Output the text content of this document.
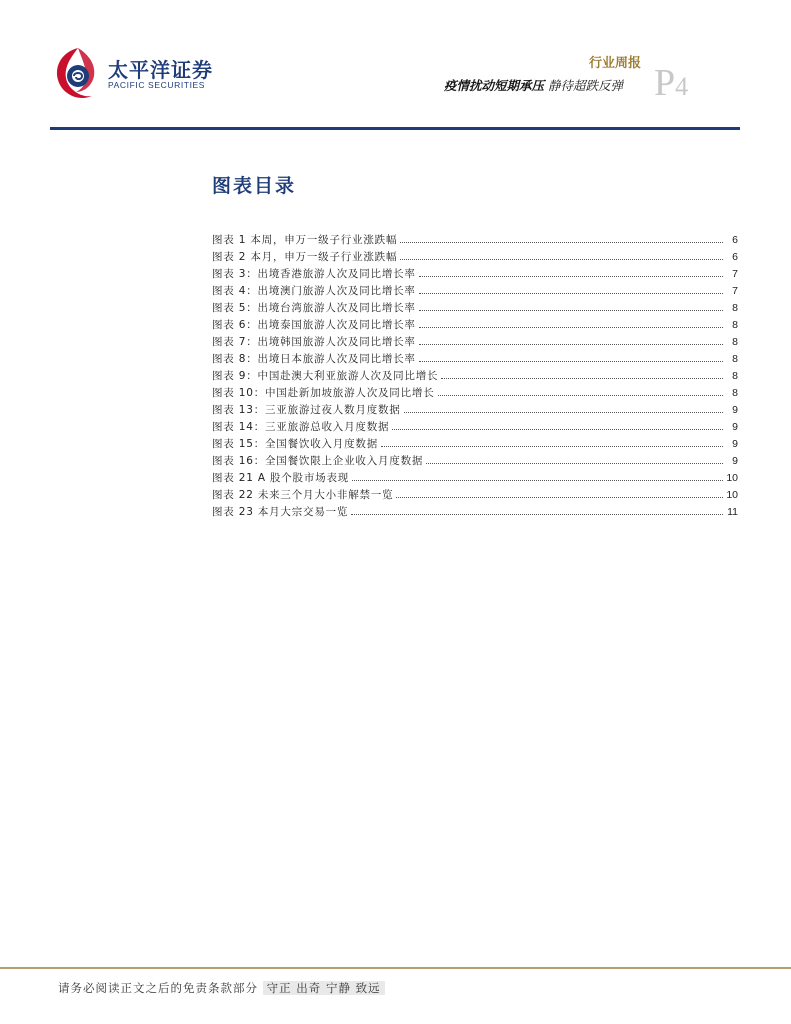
太平洋证券
PACIFIC SECURITIES
行业周报
疫情扰动短期承压 静待超跌反弹 P4
图表目录
图表 1 本周，申万一级子行业涨跌幅	6
图表 2 本月，申万一级子行业涨跌幅	6
图表 3：出境香港旅游人次及同比增长率	7
图表 4：出境澳门旅游人次及同比增长率	7
图表 5：出境台湾旅游人次及同比增长率	8
图表 6：出境泰国旅游人次及同比增长率	8
图表 7：出境韩国旅游人次及同比增长率	8
图表 8：出境日本旅游人次及同比增长率	8
图表 9：中国赴澳大利亚旅游人次及同比增长	8
图表 10：中国赴新加坡旅游人次及同比增长	8
图表 13：三亚旅游过夜人数月度数据	9
图表 14：三亚旅游总收入月度数据	9
图表 15：全国餐饮收入月度数据	9
图表 16：全国餐饮限上企业收入月度数据	9
图表 21 A 股个股市场表现	10
图表 22 未来三个月大小非解禁一览	10
图表 23 本月大宗交易一览	11
请务必阅读正文之后的免责条款部分 守正 出奇 宁静 致远
